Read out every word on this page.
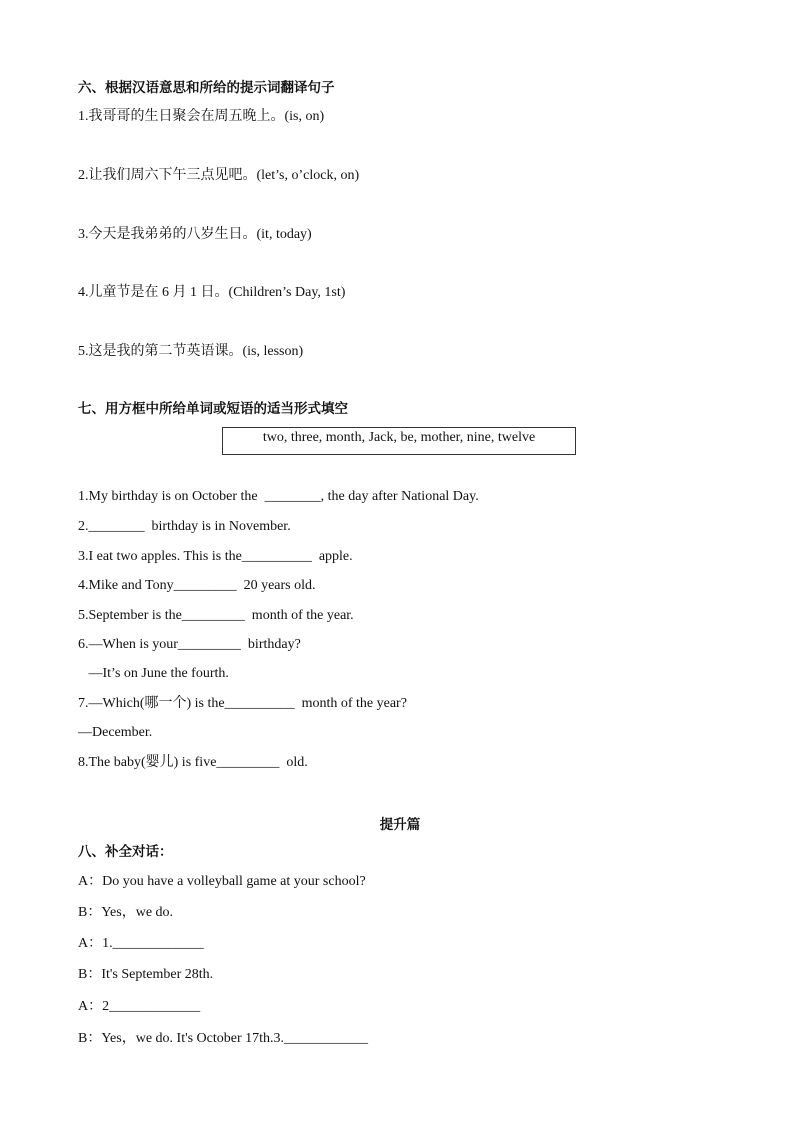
六、根据汉语意思和所给的提示词翻译句子
1.我哥哥的生日聚会在周五晚上。(is, on)
2.让我们周六下午三点见吧。(let’s, o’clock, on)
3.今天是我弟弟的八岁生日。(it, today)
4.儿童节是在 6 月 1 日。(Children’s Day, 1st)
5.这是我的第二节英语课。(is, lesson)
七、用方框中所给单词或短语的适当形式填空
two, three, month, Jack, be, mother, nine, twelve
1.My birthday is on October the  ________, the day after National Day.
2.________  birthday is in November.
3.I eat two apples. This is the__________  apple.
4.Mike and Tony_________  20 years old.
5.September is the_________  month of the year.
6.—When is your_________  birthday?
—It’s on June the fourth.
7.—Which(哪一个) is the__________  month of the year?
—December.
8.The baby(婴儿) is five_________  old.
提升篇
八、补全对话：
A：Do you have a volleyball game at your school?
B：Yes，we do.
A：1._____________
B：It's September 28th.
A：2_____________
B：Yes，we do. It's October 17th.3.____________
